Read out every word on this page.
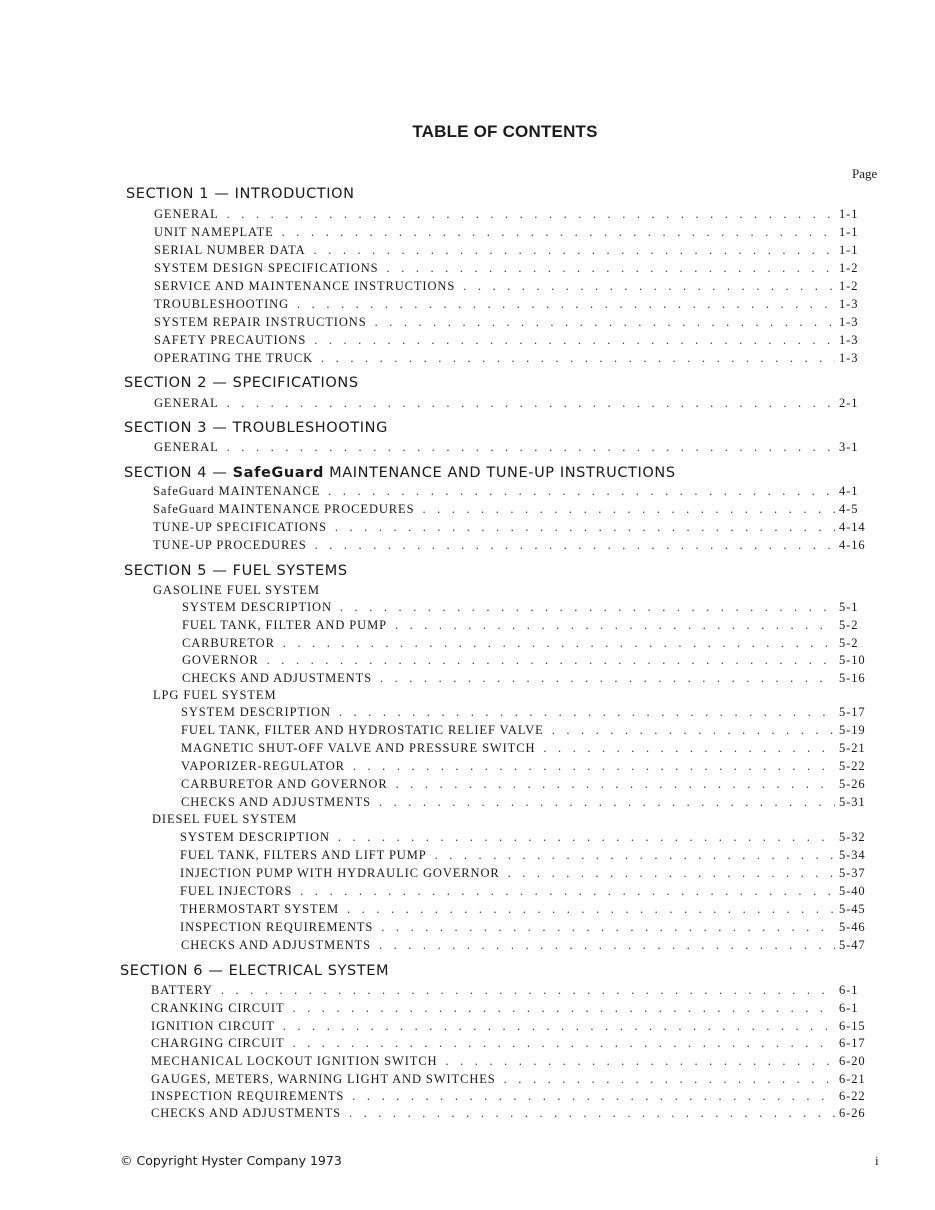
TABLE OF CONTENTS
Page
SECTION 1 — INTRODUCTION
GENERAL . . .	1-1
UNIT NAMEPLATE . . .	1-1
SERIAL NUMBER DATA . . .	1-1
SYSTEM DESIGN SPECIFICATIONS . . .	1-2
SERVICE AND MAINTENANCE INSTRUCTIONS . . .	1-2
TROUBLESHOOTING . . .	1-3
SYSTEM REPAIR INSTRUCTIONS . . .	1-3
SAFETY PRECAUTIONS . . .	1-3
OPERATING THE TRUCK . . .	1-3
SECTION 2 — SPECIFICATIONS
GENERAL . . .	2-1
SECTION 3 — TROUBLESHOOTING
GENERAL . . .	3-1
SECTION 4 — SafeGuard MAINTENANCE AND TUNE-UP INSTRUCTIONS
SafeGuard MAINTENANCE . . .	4-1
SafeGuard MAINTENANCE PROCEDURES . . .	4-5
TUNE-UP SPECIFICATIONS . . .	4-14
TUNE-UP PROCEDURES . . .	4-16
SECTION 5 — FUEL SYSTEMS
GASOLINE FUEL SYSTEM
SYSTEM DESCRIPTION . . .	5-1
FUEL TANK, FILTER AND PUMP . . .	5-2
CARBURETOR . . .	5-2
GOVERNOR . . .	5-10
CHECKS AND ADJUSTMENTS . . .	5-16
LPG FUEL SYSTEM
SYSTEM DESCRIPTION . . .	5-17
FUEL TANK, FILTER AND HYDROSTATIC RELIEF VALVE . . .	5-19
MAGNETIC SHUT-OFF VALVE AND PRESSURE SWITCH . . .	5-21
VAPORIZER-REGULATOR . . .	5-22
CARBURETOR AND GOVERNOR . . .	5-26
CHECKS AND ADJUSTMENTS . . .	5-31
DIESEL FUEL SYSTEM
SYSTEM DESCRIPTION . . .	5-32
FUEL TANK, FILTERS AND LIFT PUMP . . .	5-34
INJECTION PUMP WITH HYDRAULIC GOVERNOR . . .	5-37
FUEL INJECTORS . . .	5-40
THERMOSTART SYSTEM . . .	5-45
INSPECTION REQUIREMENTS . . .	5-46
CHECKS AND ADJUSTMENTS . . .	5-47
SECTION 6 — ELECTRICAL SYSTEM
BATTERY . . .	6-1
CRANKING CIRCUIT . . .	6-1
IGNITION CIRCUIT . . .	6-15
CHARGING CIRCUIT . . .	6-17
MECHANICAL LOCKOUT IGNITION SWITCH . . .	6-20
GAUGES, METERS, WARNING LIGHT AND SWITCHES . . .	6-21
INSPECTION REQUIREMENTS . . .	6-22
CHECKS AND ADJUSTMENTS . . .	6-26
© Copyright Hyster Company 1973	i
